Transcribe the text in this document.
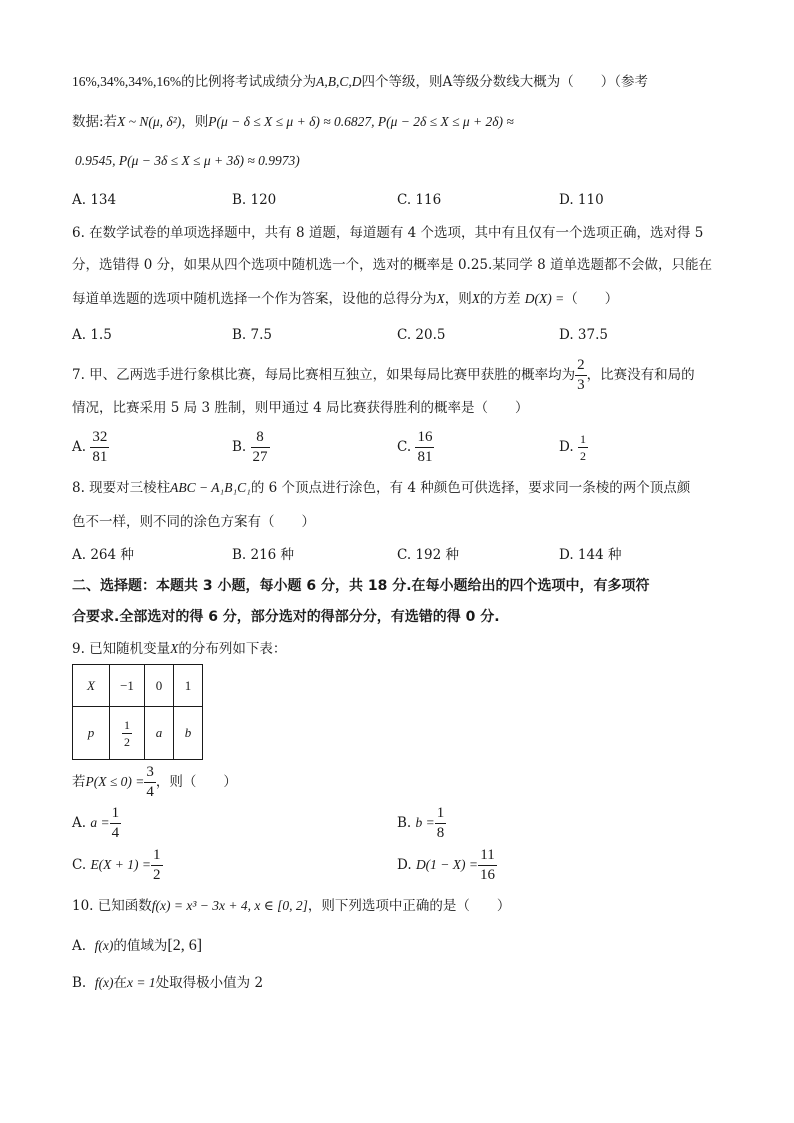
16%,34%,34%,16%的比例将考试成绩分为A,B,C,D四个等级，则A等级分数线大概为（　　）（参考
数据:若X ~ N(μ, δ²)，则P(μ − δ ≤ X ≤ μ + δ) ≈ 0.6827, P(μ − 2δ ≤ X ≤ μ + 2δ) ≈
0.9545, P(μ − 3δ ≤ X ≤ μ + 3δ) ≈ 0.9973)
A. 134	B. 120	C. 116	D. 110
6. 在数学试卷的单项选择题中，共有 8 道题，每道题有 4 个选项，其中有且仅有一个选项正确，选对得 5
分，选错得 0 分，如果从四个选项中随机选一个，选对的概率是 0.25.某同学 8 道单选题都不会做，只能在
每道单选题的选项中随机选择一个作为答案，设他的总得分为X，则X的方差 D(X) =（　　）
A. 1.5	B. 7.5	C. 20.5	D. 37.5
7. 甲、乙两选手进行象棋比赛，每局比赛相互独立，如果每局比赛甲获胜的概率均为 $\frac{2}{3}$ ，比赛没有和局的
情况，比赛采用 5 局 3 胜制，则甲通过 4 局比赛获得胜利的概率是（　　）
A. $\frac{32}{81}$	B. $\frac{8}{27}$	C. $\frac{16}{81}$	D. $\frac{1}{2}$
8. 现要对三棱柱ABC − A₁B₁C₁的 6 个顶点进行涂色，有 4 种颜色可供选择，要求同一条棱的两个顶点颜
色不一样，则不同的涂色方案有（　　）
A. 264 种	B. 216 种	C. 192 种	D. 144 种
二、选择题：本题共 3 小题，每小题 6 分，共 18 分.在每小题给出的四个选项中，有多项符
合要求.全部选对的得 6 分，部分选对的得部分分，有选错的得 0 分.
9. 已知随机变量X的分布列如下表：
X	−1	0	1
p	$\frac{1}{2}$	a	b
若$P(X \le 0) = \frac{3}{4}$ ，则（　　）
A. $a = \frac{1}{4}$	B. $b = \frac{1}{8}$
C. $E(X + 1) = \frac{1}{2}$	D. $D(1 - X) = \frac{11}{16}$
10. 已知函数f(x) = x³ − 3x + 4, x ∈ [0, 2]，则下列选项中正确的是（　　）
A. f(x)的值域为[2, 6]
B. f(x)在x = 1处取得极小值为 2
